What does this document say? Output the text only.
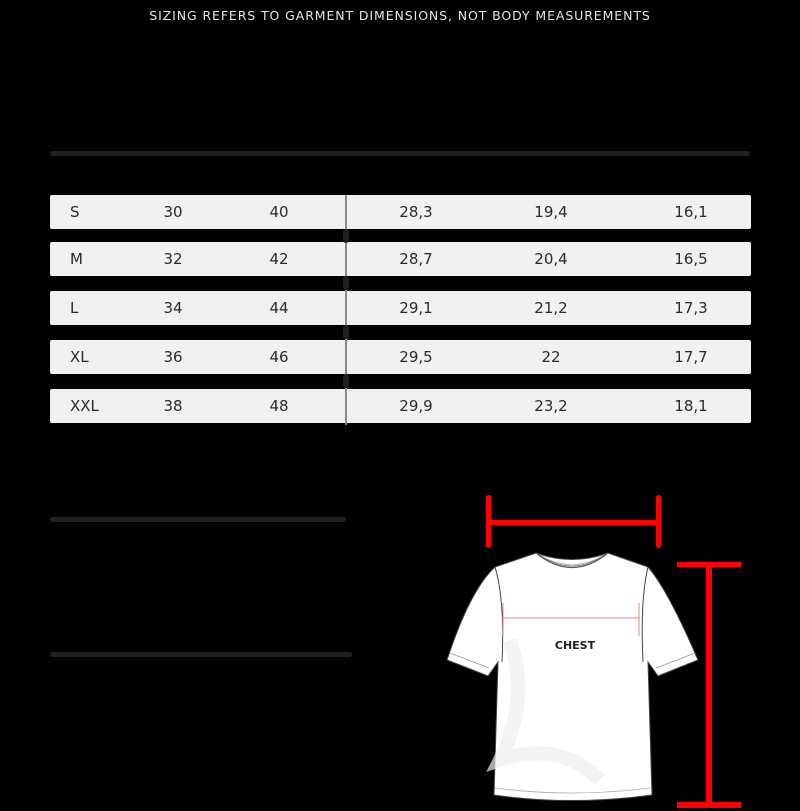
SIZING REFERS TO GARMENT DIMENSIONS, NOT BODY MEASUREMENTS
S	30	40	28,3	19,4	16,1
M	32	42	28,7	20,4	16,5
L	34	44	29,1	21,2	17,3
XL	36	46	29,5	22	17,7
XXL	38	48	29,9	23,2	18,1
CHEST
